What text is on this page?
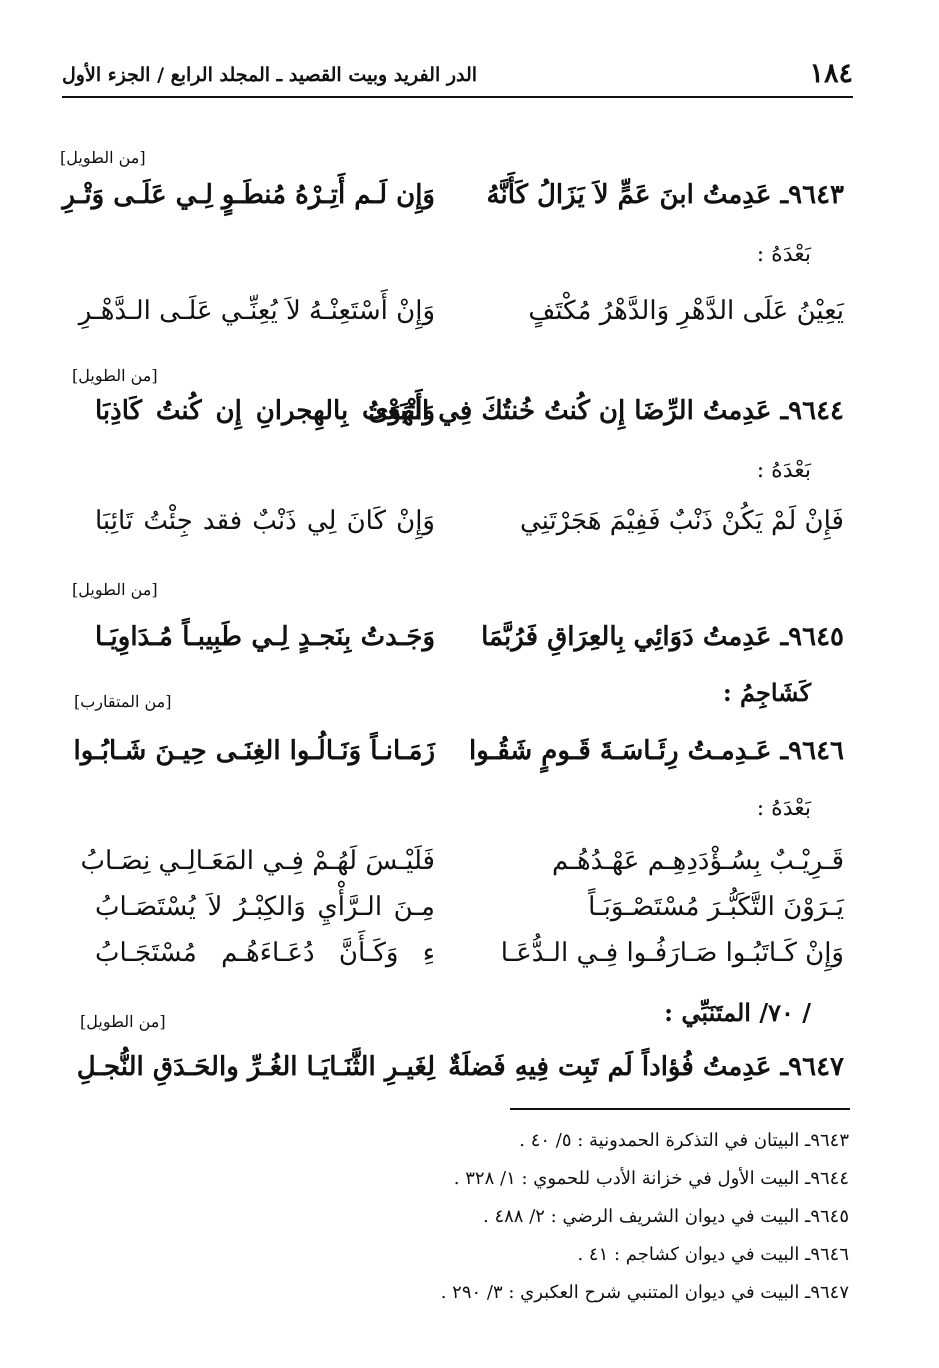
١٨٤
الدر الفريد وبيت القصيد ـ المجلد الرابع / الجزء الأول
[من الطويل]
٩٦٤٣ـ عَدِمتُ ابنَ عَمٍّ لاَ يَزَالُ كَأَنَّهُ
وَإِن لَـم أَتِـرْهُ مُنطَـوٍ لِـي عَلَـى وَتْـرِ
بَعْدَهُ :
يَعِيْنُ عَلَى الدَّهْرِ وَالدَّهْرُ مُكْتَفٍ
وَإِنْ أَسْتَعِنْـهُ لاَ يُعِنِّـي عَلَـى الـدَّهْـرِ
[من الطويل]
٩٦٤٤ـ عَدِمتُ الرِّضَا إِن كُنتُ خُنتُكَ فِي الهَوَى
وَأَتْبَعْتُ بِالهِجرانِ إِن كُنتُ كَاذِبَا
بَعْدَهُ :
فَإِنْ لَمْ يَكُنْ ذَنْبٌ فَفِيْمَ هَجَرْتَنِي
وَإِنْ كَانَ لِي ذَنْبٌ فقد جِئْتُ تَائِبَا
[من الطويل]
٩٦٤٥ـ عَدِمتُ دَوَائِي بِالعِرَاقِ فَرُبَّمَا
وَجَـدتُ بِنَجـدٍ لِـي طَبِيبـاً مُـدَاوِيَـا
كَشَاجِمُ :
[من المتقارب]
٩٦٤٦ـ عَـدِمـتُ رِئَـاسَـةَ قَـومٍ شَقُـوا
زَمَـانـاً وَنَـالُـوا الغِنَـى حِيـنَ شَـابُـوا
بَعْدَهُ :
قَـرِيْـبٌ بِسُـؤْدَدِهِـم عَهْـدُهُـم
فَلَيْـسَ لَهُـمْ فِـي المَعَـالِـي نِصَـابُ
يَـرَوْنَ التَّكَبُّـرَ مُسْتَصْـوَبَـاً
مِـنَ الـرَّأْيِ وَالكِبْـرُ لاَ يُسْتَصَـابُ
وَإِنْ كَـاتَبُـوا صَـارَفُـوا فِـي الـدُّعَـا
ءِ وَكَـأَنَّ دُعَـاءَهُـم مُسْتَجَـابُ
/ ٧٠/ المتَنَبِّي :
[من الطويل]
٩٦٤٧ـ عَدِمتُ فُؤاداً لَم تَبِت فِيهِ فَضلَةٌ
لِغَيـرِ الثَّنَـايَـا الغُـرِّ والحَـدَقِ النُّجـلِ
٩٦٤٣ـ البيتان في التذكرة الحمدونية : ٥/ ٤٠ .
٩٦٤٤ـ البيت الأول في خزانة الأدب للحموي : ١/ ٣٢٨ .
٩٦٤٥ـ البيت في ديوان الشريف الرضي : ٢/ ٤٨٨ .
٩٦٤٦ـ البيت في ديوان كشاجم : ٤١ .
٩٦٤٧ـ البيت في ديوان المتنبي شرح العكبري : ٣/ ٢٩٠ .
